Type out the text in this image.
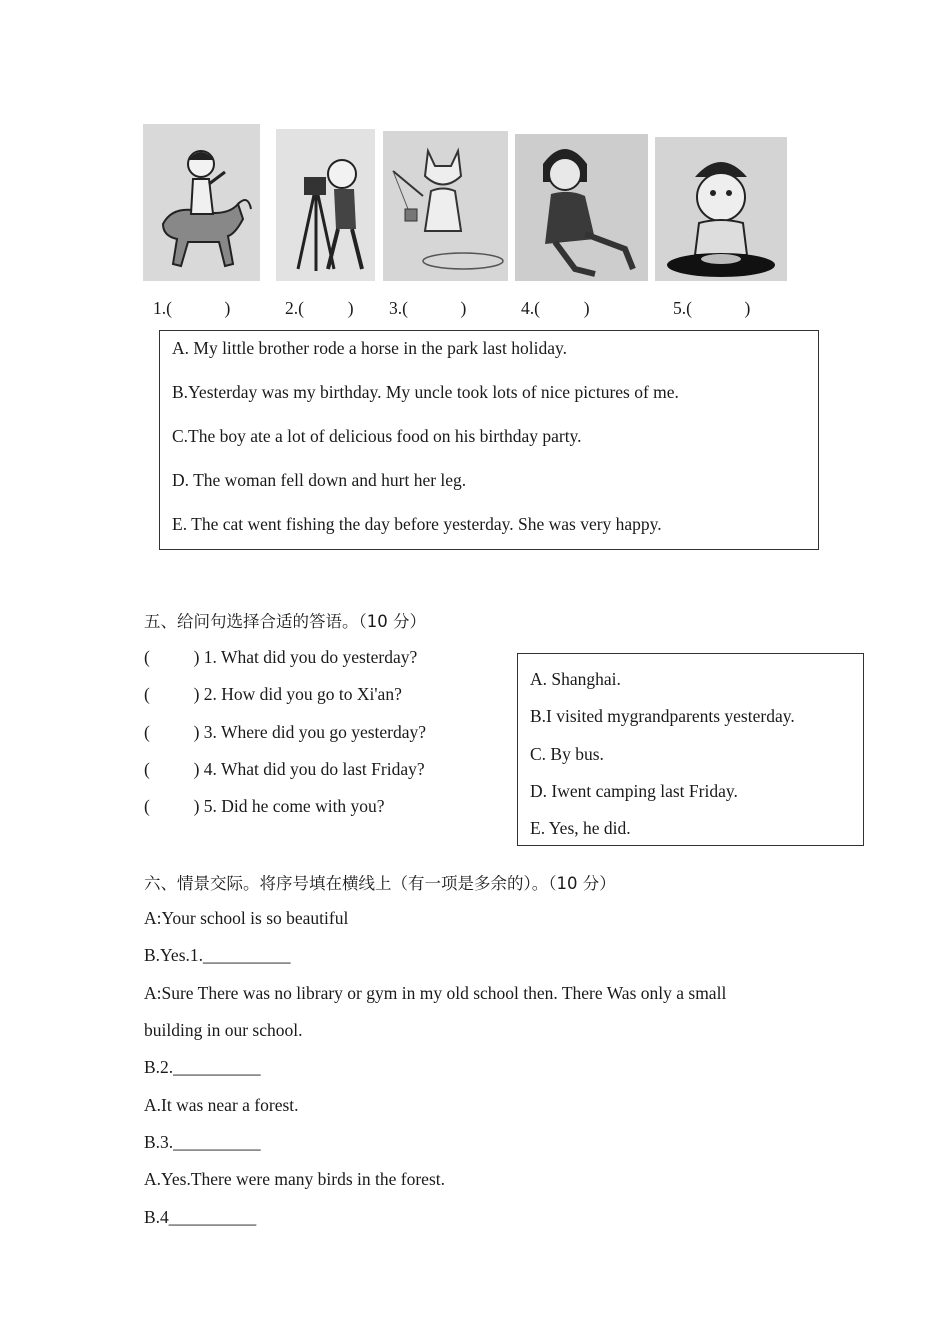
1.(            )	2.(          ) 3.(            )	4.(          )	5.(            )
A. My little brother rode a horse in the park last holiday.
B.Yesterday was my birthday. My uncle took lots of nice pictures of me.
C.The boy ate a lot of delicious food on his birthday party.
D. The woman fell down and hurt her leg.
E. The cat went fishing the day before yesterday. She was very happy.
五、给问句选择合适的答语。（10 分）
(          ) 1. What did you do yesterday?
(          ) 2. How did you go to Xi'an?
(          ) 3. Where did you go yesterday?
(          ) 4. What did you do last Friday?
(          ) 5. Did he come with you?
A. Shanghai.
B.I visited mygrandparents yesterday.
C. By bus.
D. Iwent camping last Friday.
E. Yes, he did.
六、情景交际。将序号填在横线上（有一项是多余的）。（10 分）
A:Your school is so beautiful
B.Yes.1.__________
A:Sure There was no library or gym in my old school then. There Was only a small
building in our school.
B.2.__________
A.It was near a forest.
B.3.__________
A.Yes.There were many birds in the forest.
B.4__________
